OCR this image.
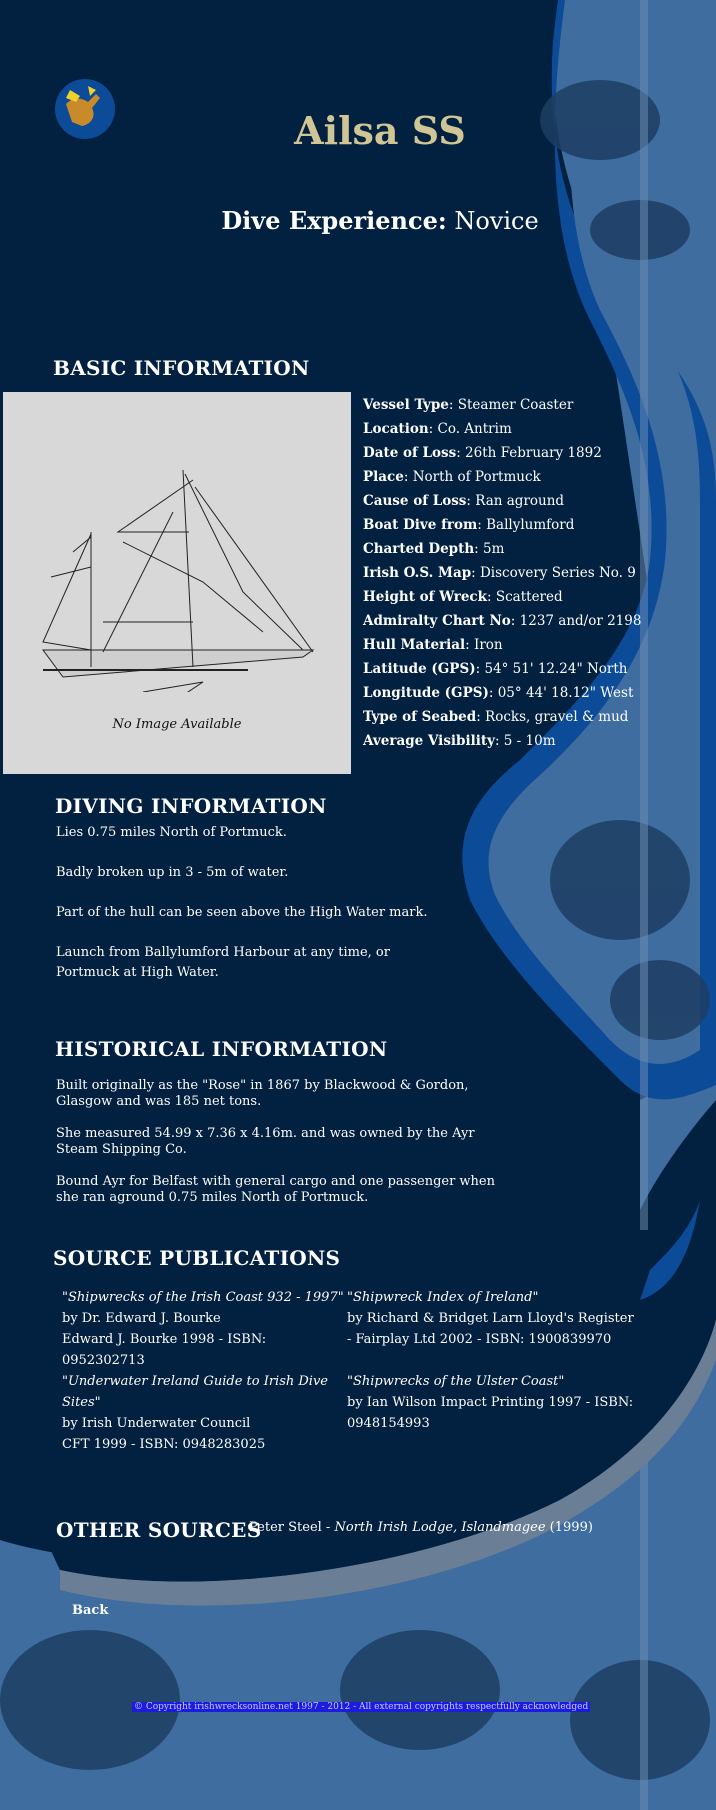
Ailsa SS
Dive Experience: Novice
BASIC INFORMATION
No Image Available
Vessel Type: Steamer Coaster
Location: Co. Antrim
Date of Loss: 26th February 1892
Place: North of Portmuck
Cause of Loss: Ran aground
Boat Dive from: Ballylumford
Charted Depth: 5m
Irish O.S. Map: Discovery Series No. 9
Height of Wreck: Scattered
Admiralty Chart No: 1237 and/or 2198
Hull Material: Iron
Latitude (GPS): 54° 51' 12.24" North
Longitude (GPS): 05° 44' 18.12" West
Type of Seabed: Rocks, gravel & mud
Average Visibility: 5 - 10m
DIVING INFORMATION
Lies 0.75 miles North of Portmuck.
Badly broken up in 3 - 5m of water.
Part of the hull can be seen above the High Water mark.
Launch from Ballylumford Harbour at any time, or
Portmuck at High Water.
HISTORICAL INFORMATION
Built originally as the "Rose" in 1867 by Blackwood & Gordon,
Glasgow and was 185 net tons.
She measured 54.99 x 7.36 x 4.16m. and was owned by the Ayr
Steam Shipping Co.
Bound Ayr for Belfast with general cargo and one passenger when
she ran aground 0.75 miles North of Portmuck.
SOURCE PUBLICATIONS
"Shipwrecks of the Irish Coast 932 - 1997"
by Dr. Edward J. Bourke
Edward J. Bourke 1998 - ISBN: 0952302713
"Shipwreck Index of Ireland"
by Richard & Bridget Larn Lloyd's Register
- Fairplay Ltd 2002 - ISBN: 1900839970
"Underwater Ireland Guide to Irish Dive Sites"
by Irish Underwater Council
CFT 1999 - ISBN: 0948283025
"Shipwrecks of the Ulster Coast"
by Ian Wilson Impact Printing 1997 - ISBN: 0948154993
OTHER SOURCES
Peter Steel - North Irish Lodge, Islandmagee (1999)
Back
© Copyright irishwrecksonline.net 1997 - 2012 - All external copyrights respectfully acknowledged
